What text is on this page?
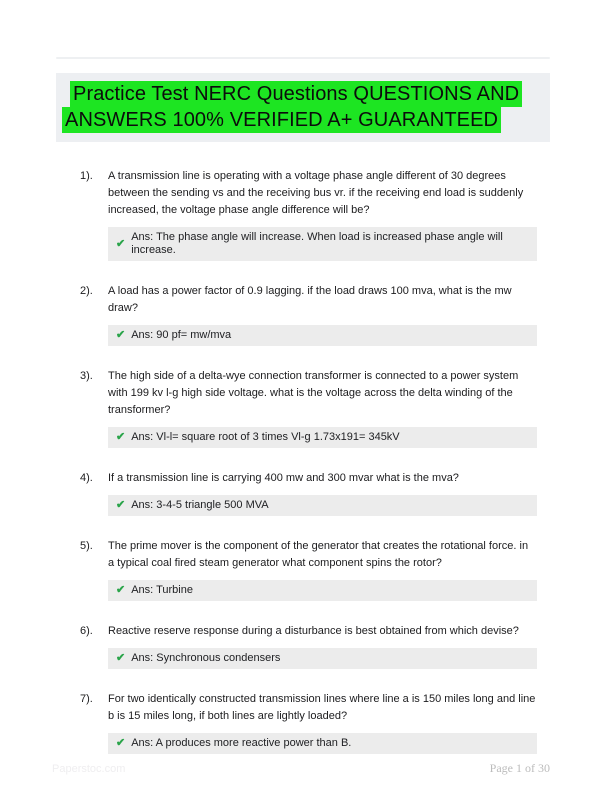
Practice Test NERC Questions QUESTIONS AND
ANSWERS 100% VERIFIED A+ GUARANTEED
1).	A transmission line is operating with a voltage phase angle different of 30 degrees between the sending vs and the receiving bus vr. if the receiving end load is suddenly increased, the voltage phase angle difference will be?

✔
Ans: The phase angle will increase. When load is increased phase angle will increase.
2).	A load has a power factor of 0.9 lagging. if the load draws 100 mva, what is the mw draw?

✔ Ans: 90 pf= mw/mva
3).	The high side of a delta-wye connection transformer is connected to a power system with 199 kv l-g high side voltage. what is the voltage across the delta winding of the transformer?

✔ Ans: Vl-l= square root of 3 times Vl-g 1.73x191= 345kV
4).	If a transmission line is carrying 400 mw and 300 mvar what is the mva?

✔ Ans: 3-4-5 triangle 500 MVA
5).	The prime mover is the component of the generator that creates the rotational force. in a typical coal fired steam generator what component spins the rotor?

✔ Ans: Turbine
6).	Reactive reserve response during a disturbance is best obtained from which devise?

✔ Ans: Synchronous condensers
7).	For two identically constructed transmission lines where line a is 150 miles long and line b is 15 miles long, if both lines are lightly loaded?

✔ Ans: A produces more reactive power than B.
Paperstoc.com	Page 1 of 30
